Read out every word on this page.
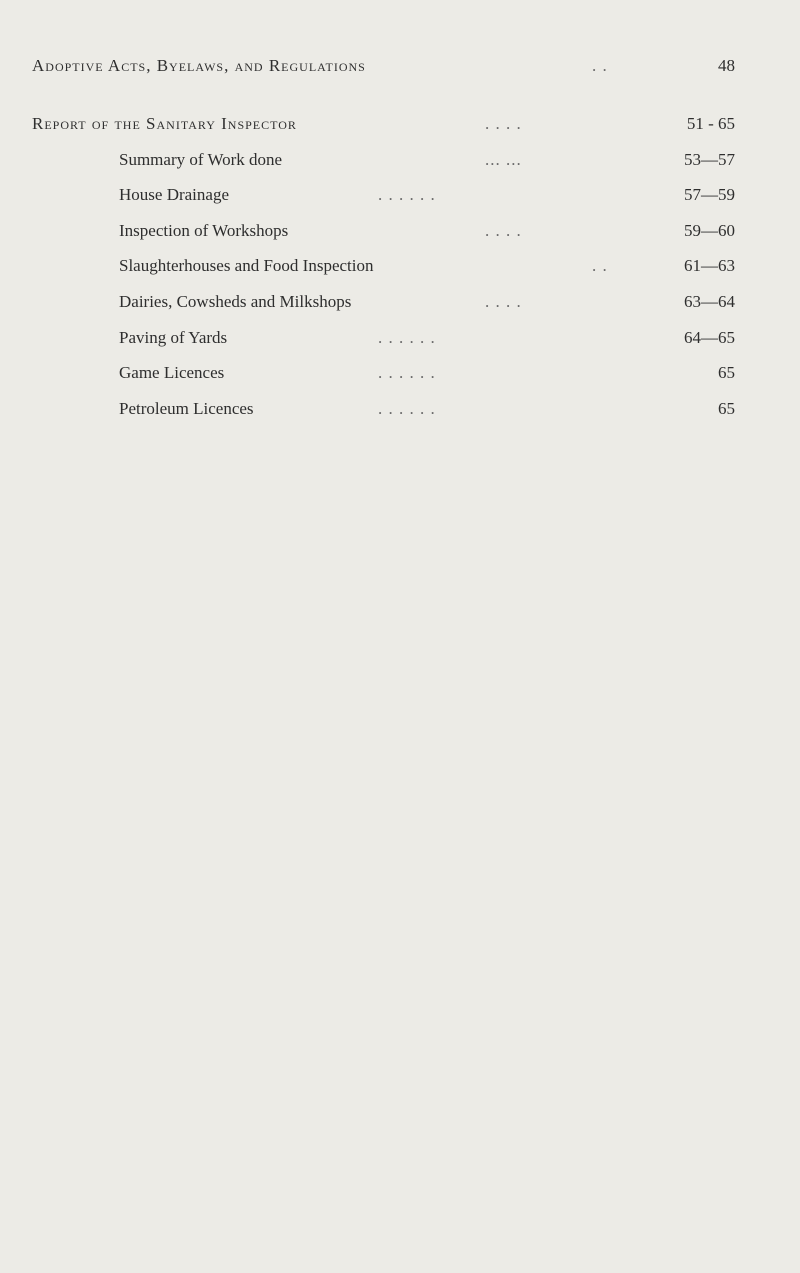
Adoptive Acts, Byelaws, and Regulations	. .	48
Report of the Sanitary Inspector	. . . .	51 - 65
Summary of Work done	... ...	53—57
House Drainage	. . . . . .	57—59
Inspection of Workshops	. . . .	59—60
Slaughterhouses and Food Inspection	. .	61—63
Dairies, Cowsheds and Milkshops	. . . .	63—64
Paving of Yards	. . . . . .	64—65
Game Licences	. . . . . .	65
Petroleum Licences	. . . . . .	65
